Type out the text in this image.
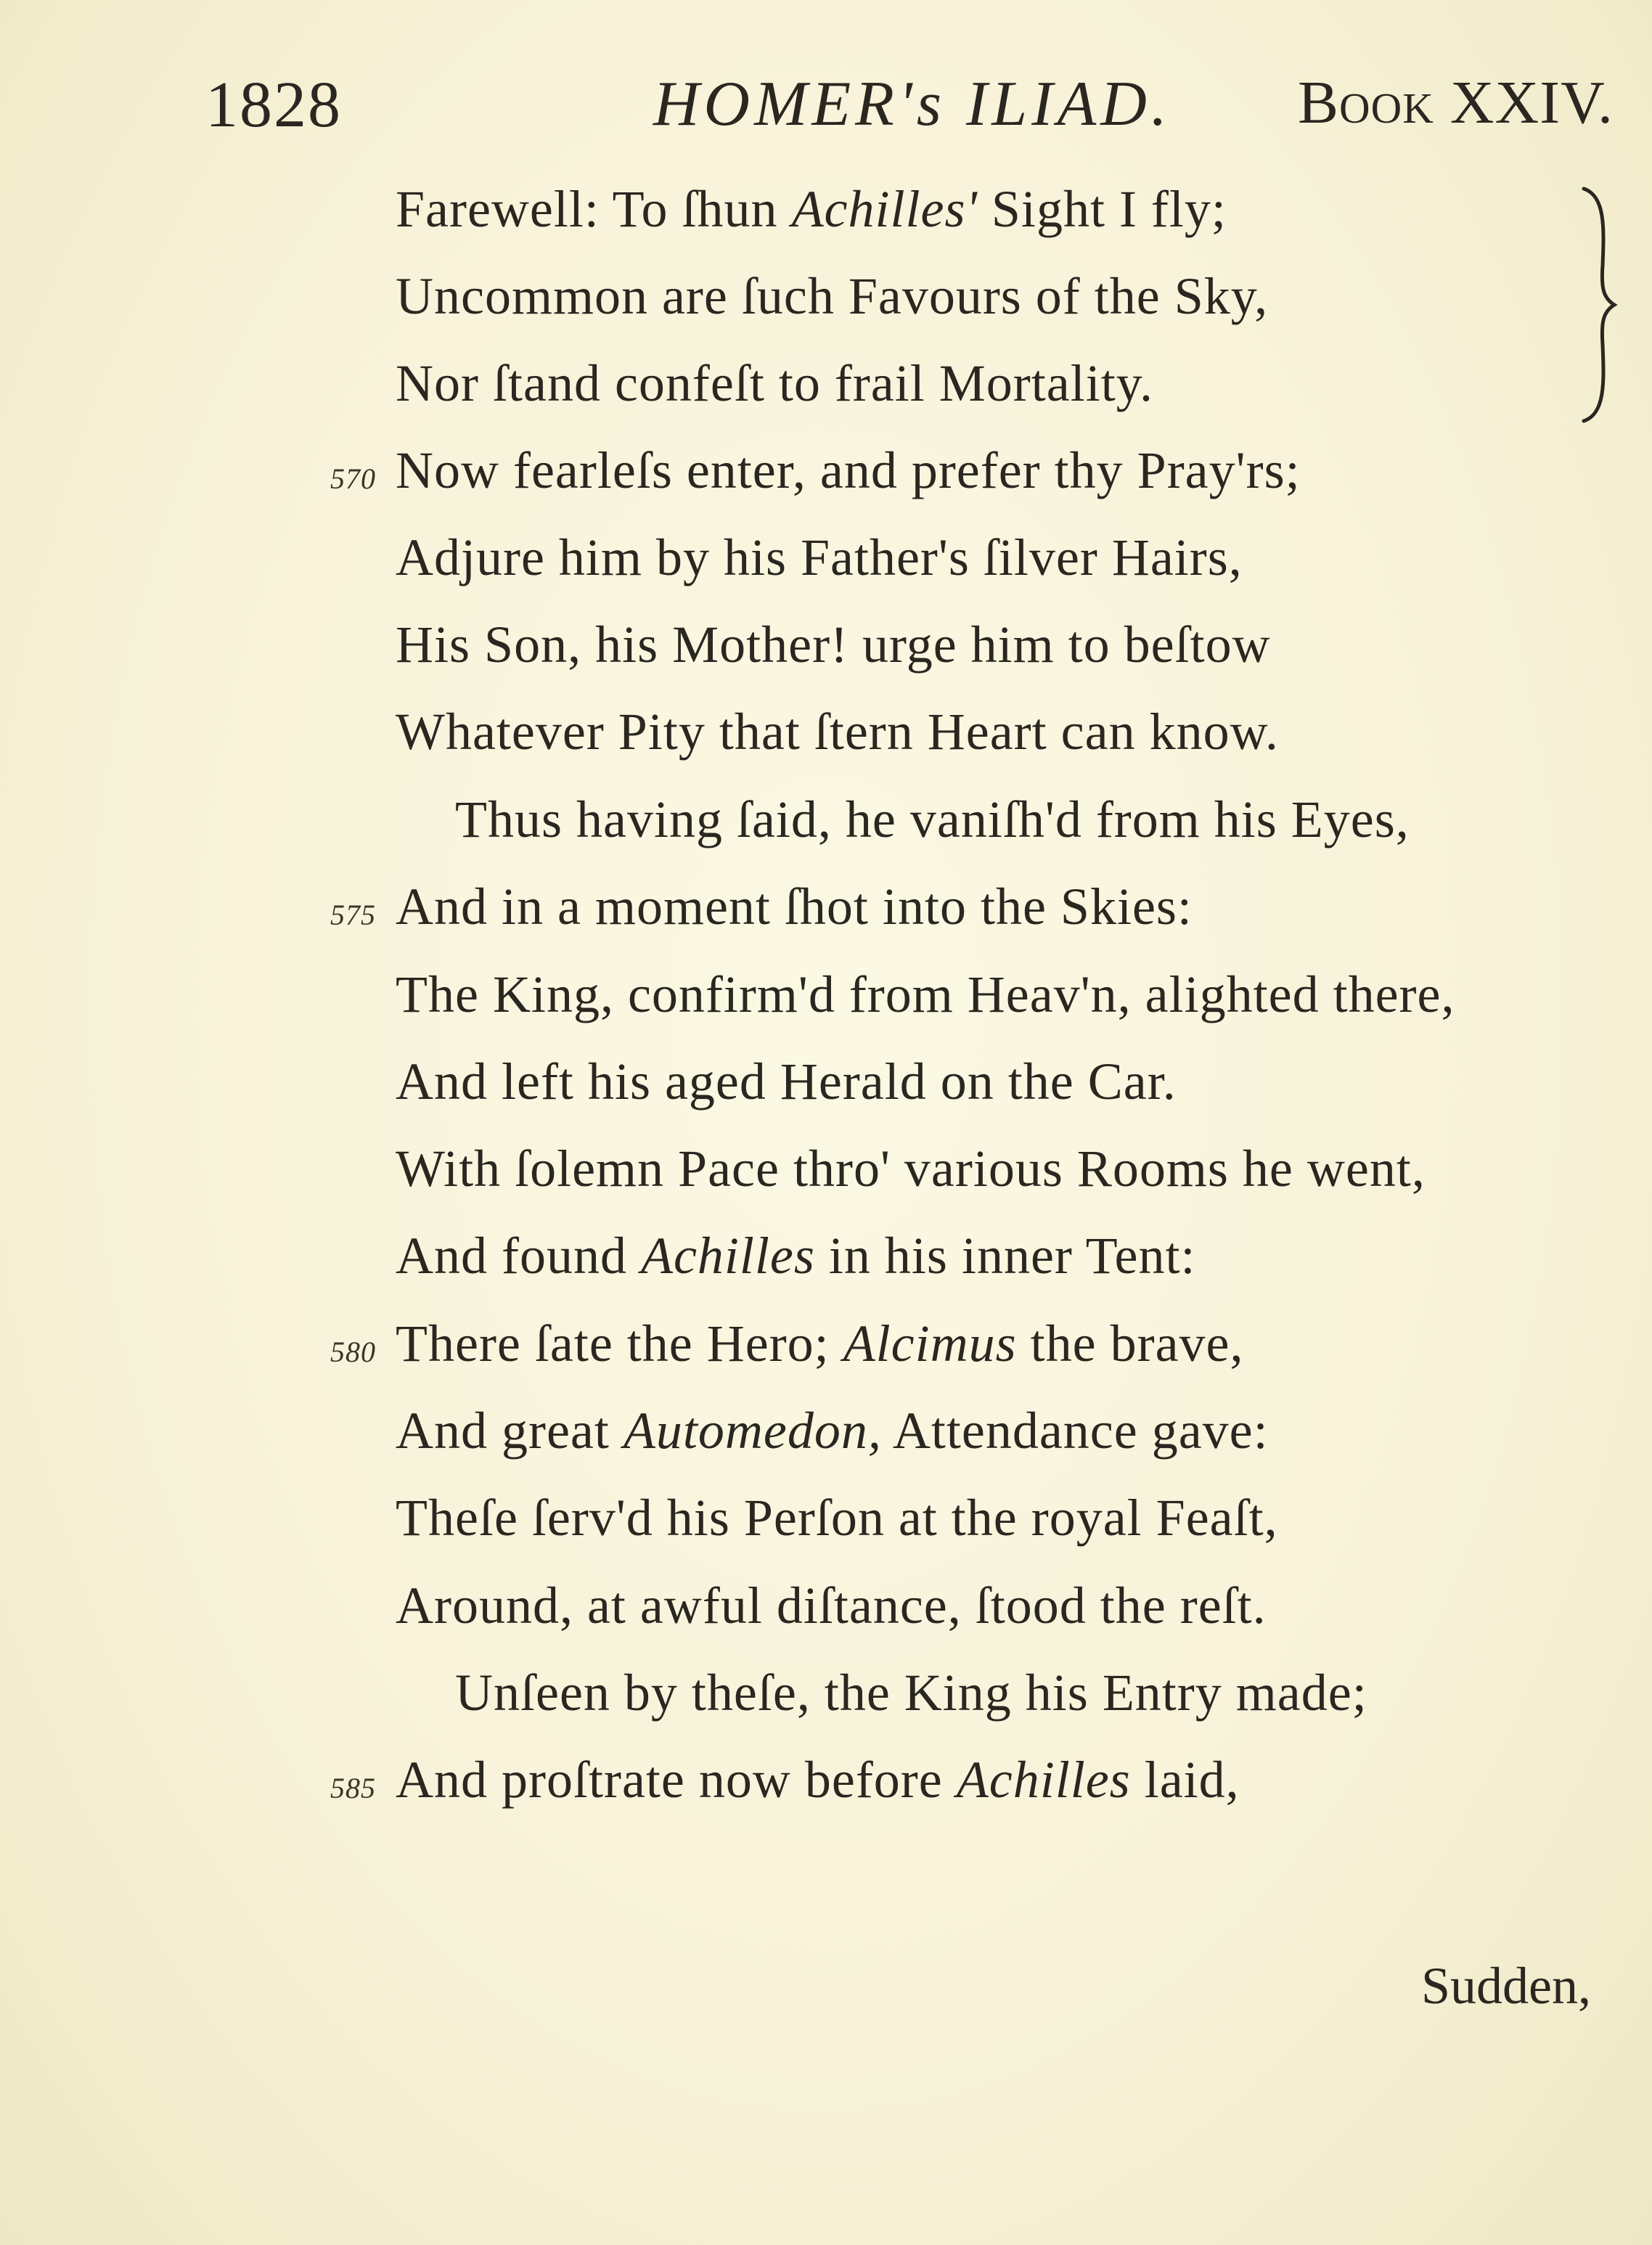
1828	HOMER's ILIAD. Book XXIV.
Farewell: To ſhun Achilles' Sight I fly;
Uncommon are ſuch Favours of the Sky,
Nor ſtand confeſt to frail Mortality.
Now fearleſs enter, and prefer thy Pray'rs;
570
Adjure him by his Father's ſilver Hairs,
His Son, his Mother! urge him to beſtow
Whatever Pity that ſtern Heart can know.
Thus having ſaid, he vaniſh'd from his Eyes,
And in a moment ſhot into the Skies:
575
The King, confirm'd from Heav'n, alighted there,
And left his aged Herald on the Car.
With ſolemn Pace thro' various Rooms he went,
And found Achilles in his inner Tent:
There ſate the Hero; Alcimus the brave,
580
And great Automedon, Attendance gave:
Theſe ſerv'd his Perſon at the royal Feaſt,
Around, at awful diſtance, ſtood the reſt.
Unſeen by theſe, the King his Entry made;
And proſtrate now before Achilles laid,
585
Sudden,
